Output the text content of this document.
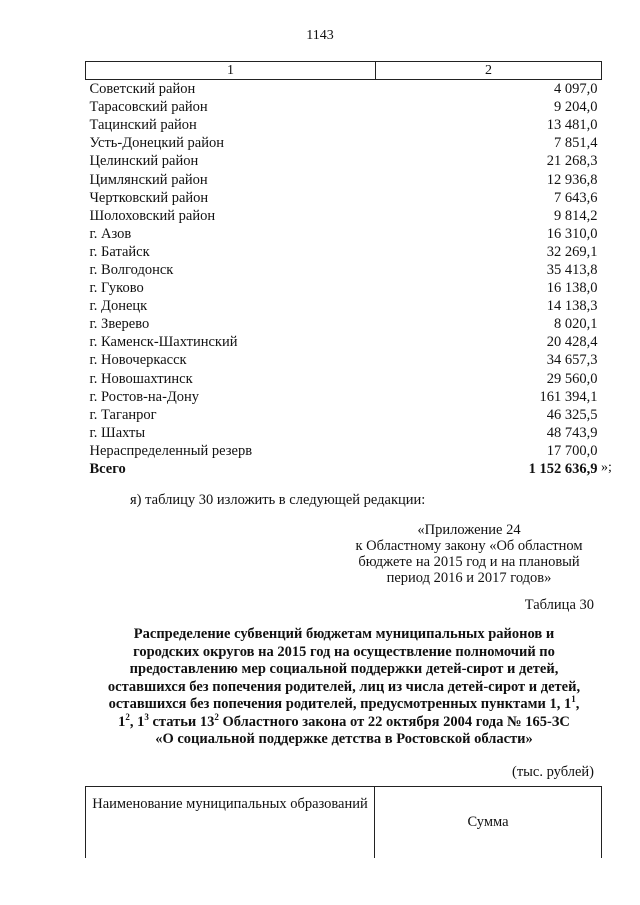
1143
1	2
Советский район	4 097,0
Тарасовский район	9 204,0
Тацинский район	13 481,0
Усть-Донецкий район	7 851,4
Целинский район	21 268,3
Цимлянский район	12 936,8
Чертковский район	7 643,6
Шолоховский район	9 814,2
г. Азов	16 310,0
г. Батайск	32 269,1
г. Волгодонск	35 413,8
г. Гуково	16 138,0
г. Донецк	14 138,3
г. Зверево	8 020,1
г. Каменск-Шахтинский	20 428,4
г. Новочеркасск	34 657,3
г. Новошахтинск	29 560,0
г. Ростов-на-Дону	161 394,1
г. Таганрог	46 325,5
г. Шахты	48 743,9
Нераспределенный резерв	17 700,0
Всего	1 152 636,9 »;
я) таблицу 30 изложить в следующей редакции:
«Приложение 24
к Областному закону «Об областном
бюджете на 2015 год и на плановый
период 2016 и 2017 годов»
Таблица 30
Распределение субвенций бюджетам муниципальных районов и
городских округов на 2015 год на осуществление полномочий по
предоставлению мер социальной поддержки детей-сирот и детей,
оставшихся без попечения родителей, лиц из числа детей-сирот и детей,
оставшихся без попечения родителей, предусмотренных пунктами 1, $1^1$,
$1^2$, $1^3$ статьи $13^2$ Областного закона от 22 октября 2004 года № 165-ЗС
«О социальной поддержке детства в Ростовской области»
(тыс. рублей)
Наименование муниципальных образований	Сумма
